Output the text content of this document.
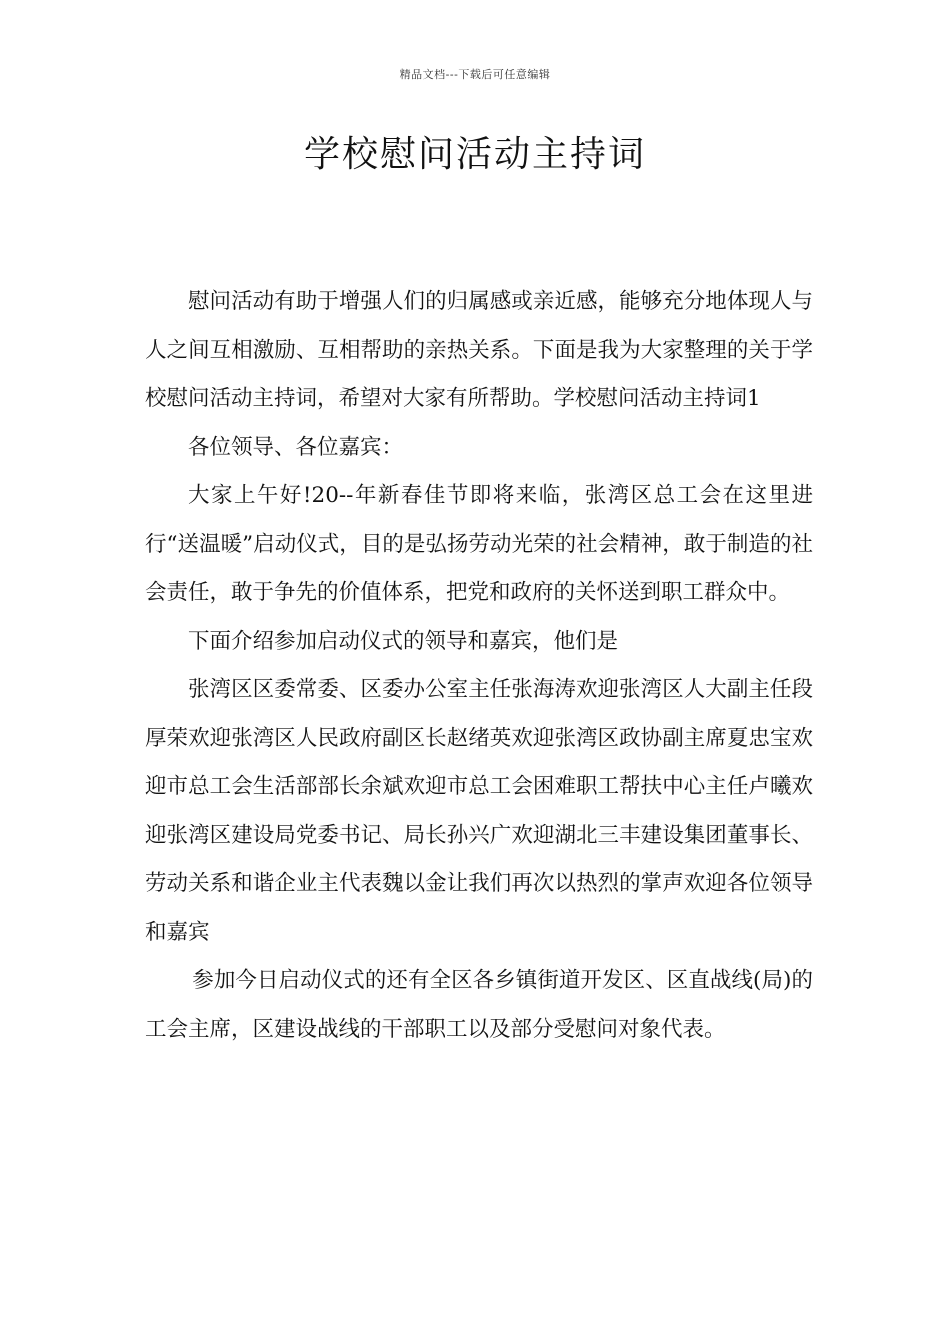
精品文档---下载后可任意编辑
学校慰问活动主持词

慰问活动有助于增强人们的归属感或亲近感，能够充分地体现人与人之间互相激励、互相帮助的亲热关系。下面是我为大家整理的关于学校慰问活动主持词，希望对大家有所帮助。学校慰问活动主持词1

各位领导、各位嘉宾：

大家上午好!20--年新春佳节即将来临，张湾区总工会在这里进行“送温暖”启动仪式，目的是弘扬劳动光荣的社会精神，敢于制造的社会责任，敢于争先的价值体系，把党和政府的关怀送到职工群众中。

下面介绍参加启动仪式的领导和嘉宾，他们是

张湾区区委常委、区委办公室主任张海涛欢迎张湾区人大副主任段厚荣欢迎张湾区人民政府副区长赵绪英欢迎张湾区政协副主席夏忠宝欢迎市总工会生活部部长余斌欢迎市总工会困难职工帮扶中心主任卢曦欢迎张湾区建设局党委书记、局长孙兴广欢迎湖北三丰建设集团董事长、劳动关系和谐企业主代表魏以金让我们再次以热烈的掌声欢迎各位领导和嘉宾

参加今日启动仪式的还有全区各乡镇街道开发区、区直战线(局)的工会主席，区建设战线的干部职工以及部分受慰问对象代表。
